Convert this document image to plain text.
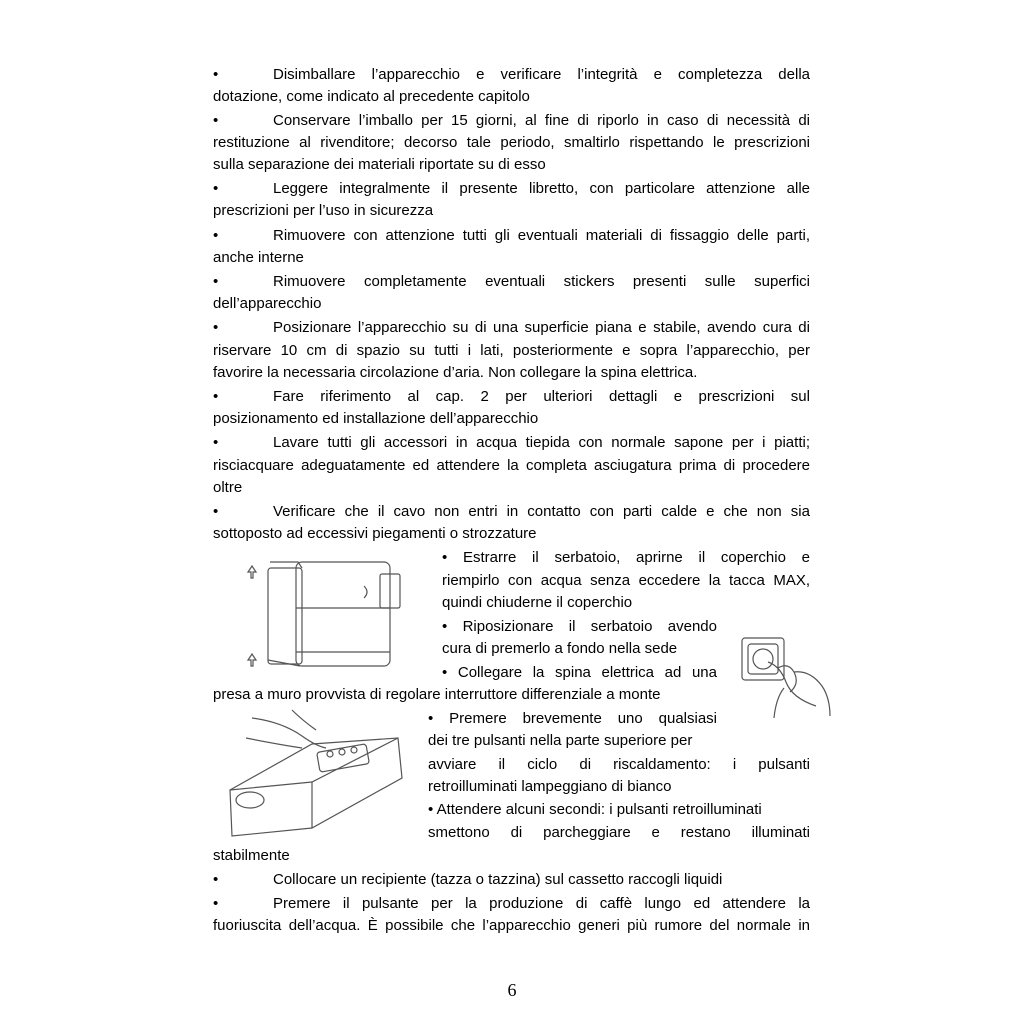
•	Disimballare l’apparecchio e verificare l’integrità e completezza della
dotazione, come indicato al precedente capitolo
•	Conservare l’imballo per 15 giorni, al fine di riporlo in caso di necessità di
restituzione al rivenditore; decorso tale periodo, smaltirlo rispettando le prescrizioni
sulla separazione dei materiali riportate su di esso
•	Leggere integralmente il presente libretto, con particolare attenzione alle
prescrizioni per l’uso in sicurezza
•	Rimuovere con attenzione tutti gli eventuali materiali di fissaggio delle parti,
anche interne
•	Rimuovere completamente eventuali stickers presenti sulle superfici
dell’apparecchio
•	Posizionare l’apparecchio su di una superficie piana e stabile, avendo cura di
riservare 10 cm di spazio su tutti i lati, posteriormente e sopra l’apparecchio, per
favorire la necessaria circolazione d’aria. Non collegare la spina elettrica.
•	Fare riferimento al cap. 2 per ulteriori dettagli e prescrizioni sul
posizionamento ed installazione dell’apparecchio
•	Lavare tutti gli accessori in acqua tiepida con normale sapone per i piatti;
risciacquare adeguatamente ed attendere la completa asciugatura prima di procedere
oltre
•	Verificare che il cavo non entri in contatto con parti calde e che non sia
sottoposto ad eccessivi piegamenti o strozzature
• Estrarre il serbatoio, aprirne il coperchio e
riempirlo con acqua senza eccedere la tacca MAX,
quindi chiuderne il coperchio
• Riposizionare il serbatoio avendo
cura di premerlo a fondo nella sede
• Collegare la spina elettrica ad una
presa a muro provvista di regolare interruttore differenziale a monte
• Premere brevemente uno qualsiasi
dei tre pulsanti nella parte superiore per
avviare il ciclo di riscaldamento: i pulsanti
retroilluminati lampeggiano di bianco
• Attendere alcuni secondi: i pulsanti retroilluminati
smettono di parcheggiare e restano illuminati
stabilmente
•	Collocare un recipiente (tazza o tazzina) sul cassetto raccogli liquidi
•	Premere il pulsante per la produzione di caffè lungo ed attendere la
fuoriuscita dell’acqua. È possibile che l’apparecchio generi più rumore del normale in
6
